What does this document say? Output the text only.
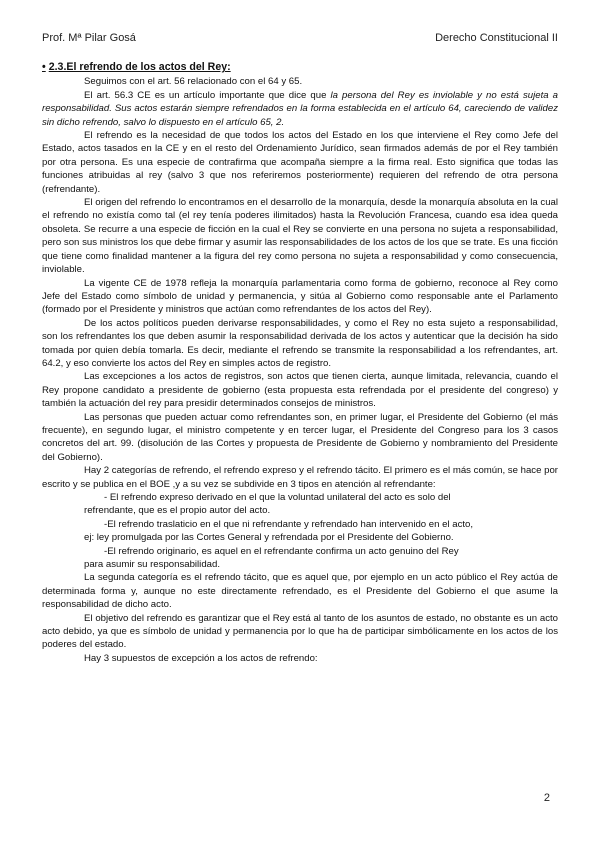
Prof. Mª Pilar Gosá	Derecho Constitucional II

• 2.3.El refrendo de los actos del Rey:

Seguimos con el art. 56 relacionado con el 64 y 65.

El art. 56.3 CE es un artículo importante que dice que la persona del Rey es inviolable y no está sujeta a responsabilidad. Sus actos estarán siempre refrendados en la forma establecida en el artículo 64, careciendo de validez sin dicho refrendo, salvo lo dispuesto en el artículo 65, 2.

El refrendo es la necesidad de que todos los actos del Estado en los que interviene el Rey como Jefe del Estado, actos tasados en la CE y en el resto del Ordenamiento Jurídico, sean firmados además de por el Rey también por otra persona. Es una especie de contrafirma que acompaña siempre a la firma real. Esto significa que todas las funciones atribuidas al rey (salvo 3 que nos referiremos posteriormente) requieren del refrendo de otra persona (refrendante).

El origen del refrendo lo encontramos en el desarrollo de la monarquía, desde la monarquía absoluta en la cual el refrendo no existía como tal (el rey tenía poderes ilimitados) hasta la Revolución Francesa, cuando esa idea queda obsoleta. Se recurre a una especie de ficción en la cual el Rey se convierte en una persona no sujeta a responsabilidad, pero son sus ministros los que debe firmar y asumir las responsabilidades de los actos de los que se trate. Es una ficción que tiene como finalidad mantener a la figura del rey como persona no sujeta a responsabilidad y como consecuencia, inviolable.

La vigente CE de 1978 refleja la monarquía parlamentaria como forma de gobierno, reconoce al Rey como Jefe del Estado como símbolo de unidad y permanencia, y sitúa al Gobierno como responsable ante el Parlamento (formado por el Presidente y ministros que actúan como refrendantes de los actos del Rey).

De los actos políticos pueden derivarse responsabilidades, y como el Rey no esta sujeto a responsabilidad, son los refrendantes los que deben asumir la responsabilidad derivada de los actos y autenticar que la decisión ha sido tomada por quien debía tomarla. Es decir, mediante el refrendo se transmite la responsabilidad a los refrendantes, art. 64.2, y eso convierte los actos del Rey en simples actos de registro.

Las excepciones a los actos de registros, son actos que tienen cierta, aunque limitada, relevancia, cuando el Rey propone candidato a presidente de gobierno (esta propuesta esta refrendada por el presidente del congreso) y también la actuación del rey para presidir determinados consejos de ministros.

Las personas que pueden actuar como refrendantes son, en primer lugar, el Presidente del Gobierno (el más frecuente), en segundo lugar, el ministro competente y en tercer lugar, el Presidente del Congreso para los 3 casos concretos del art. 99. (disolución de las Cortes y propuesta de Presidente de Gobierno y nombramiento del Presidente del Gobierno).

Hay 2 categorías de refrendo, el refrendo expreso y el refrendo tácito. El primero es el más común, se hace por escrito y se publica en el BOE ,y a su vez se subdivide en 3 tipos en atención al refrendante:

- El refrendo expreso derivado en el que la voluntad unilateral del acto es solo del

refrendante, que es el propio autor del acto.

-El refrendo traslaticio en el que ni refrendante y refrendado han intervenido en el acto,

ej: ley promulgada por las Cortes General y refrendada por el Presidente del Gobierno.

-El refrendo originario, es aquel en el refrendante confirma un acto genuino del Rey

para asumir su responsabilidad.

La segunda categoría es el refrendo tácito, que es aquel que, por ejemplo en un acto público el Rey actúa de determinada forma y, aunque no este directamente refrendado, es el Presidente del Gobierno el que asume la responsabilidad de dicho acto.

El objetivo del refrendo es garantizar que el Rey está al tanto de los asuntos de estado, no obstante es un acto acto debido, ya que es símbolo de unidad y permanencia por lo que ha de participar simbólicamente en los actos de los poderes del estado.

Hay 3 supuestos de excepción a los actos de refrendo:

2
